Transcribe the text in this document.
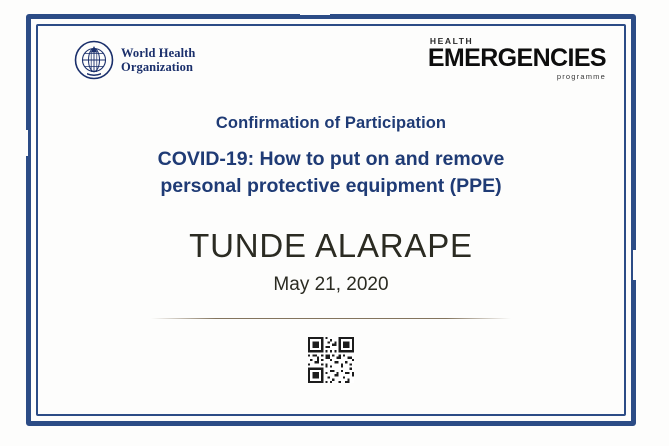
World Health
Organization
HEALTH
EMERGENCIES
programme
Confirmation of Participation
COVID-19: How to put on and remove
personal protective equipment (PPE)
TUNDE ALARAPE
May 21, 2020
